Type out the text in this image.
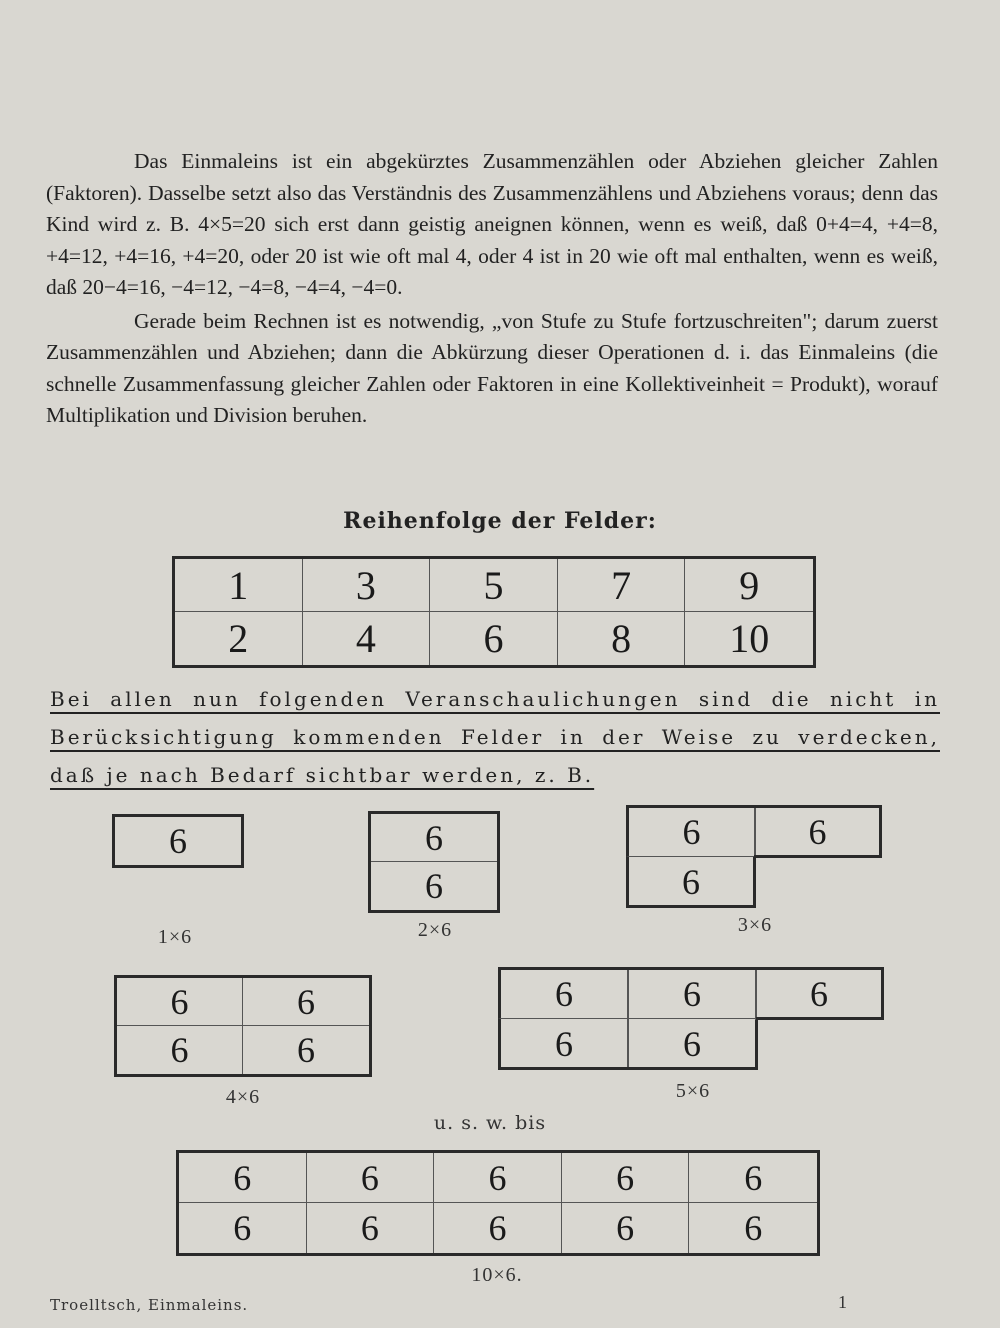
Das Einmaleins ist ein abgekürztes Zusammenzählen oder Abziehen gleicher Zahlen (Faktoren). Dasselbe setzt also das Verständnis des Zusammenzählens und Abziehens voraus; denn das Kind wird z. B. 4×5=20 sich erst dann geistig aneignen können, wenn es weiß, daß 0+4=4, +4=8, +4=12, +4=16, +4=20, oder 20 ist wie oft mal 4, oder 4 ist in 20 wie oft mal enthalten, wenn es weiß, daß 20−4=16, −4=12, −4=8, −4=4, −4=0.

Gerade beim Rechnen ist es notwendig, „von Stufe zu Stufe fortzuschreiten"; darum zuerst Zusammenzählen und Abziehen; dann die Abkürzung dieser Operationen d. i. das Einmaleins (die schnelle Zusammenfassung gleicher Zahlen oder Faktoren in eine Kollektiveinheit = Produkt), worauf Multiplikation und Division beruhen.

Reihenfolge der Felder:
1	3	5	7	9
2	4	6	8	10
Bei allen nun folgenden Veranschaulichungen sind die nicht in Berücksichtigung kommenden Felder in der Weise zu verdecken, daß je nach Bedarf sichtbar werden, z. B.
6
1×6
6
6
2×6
6	6
6
3×6
6	6
6	6
4×6
6	6	6
6	6
5×6
u. s. w. bis
6	6	6	6	6
6	6	6	6	6
10×6.
Troelltsch, Einmaleins.	1
